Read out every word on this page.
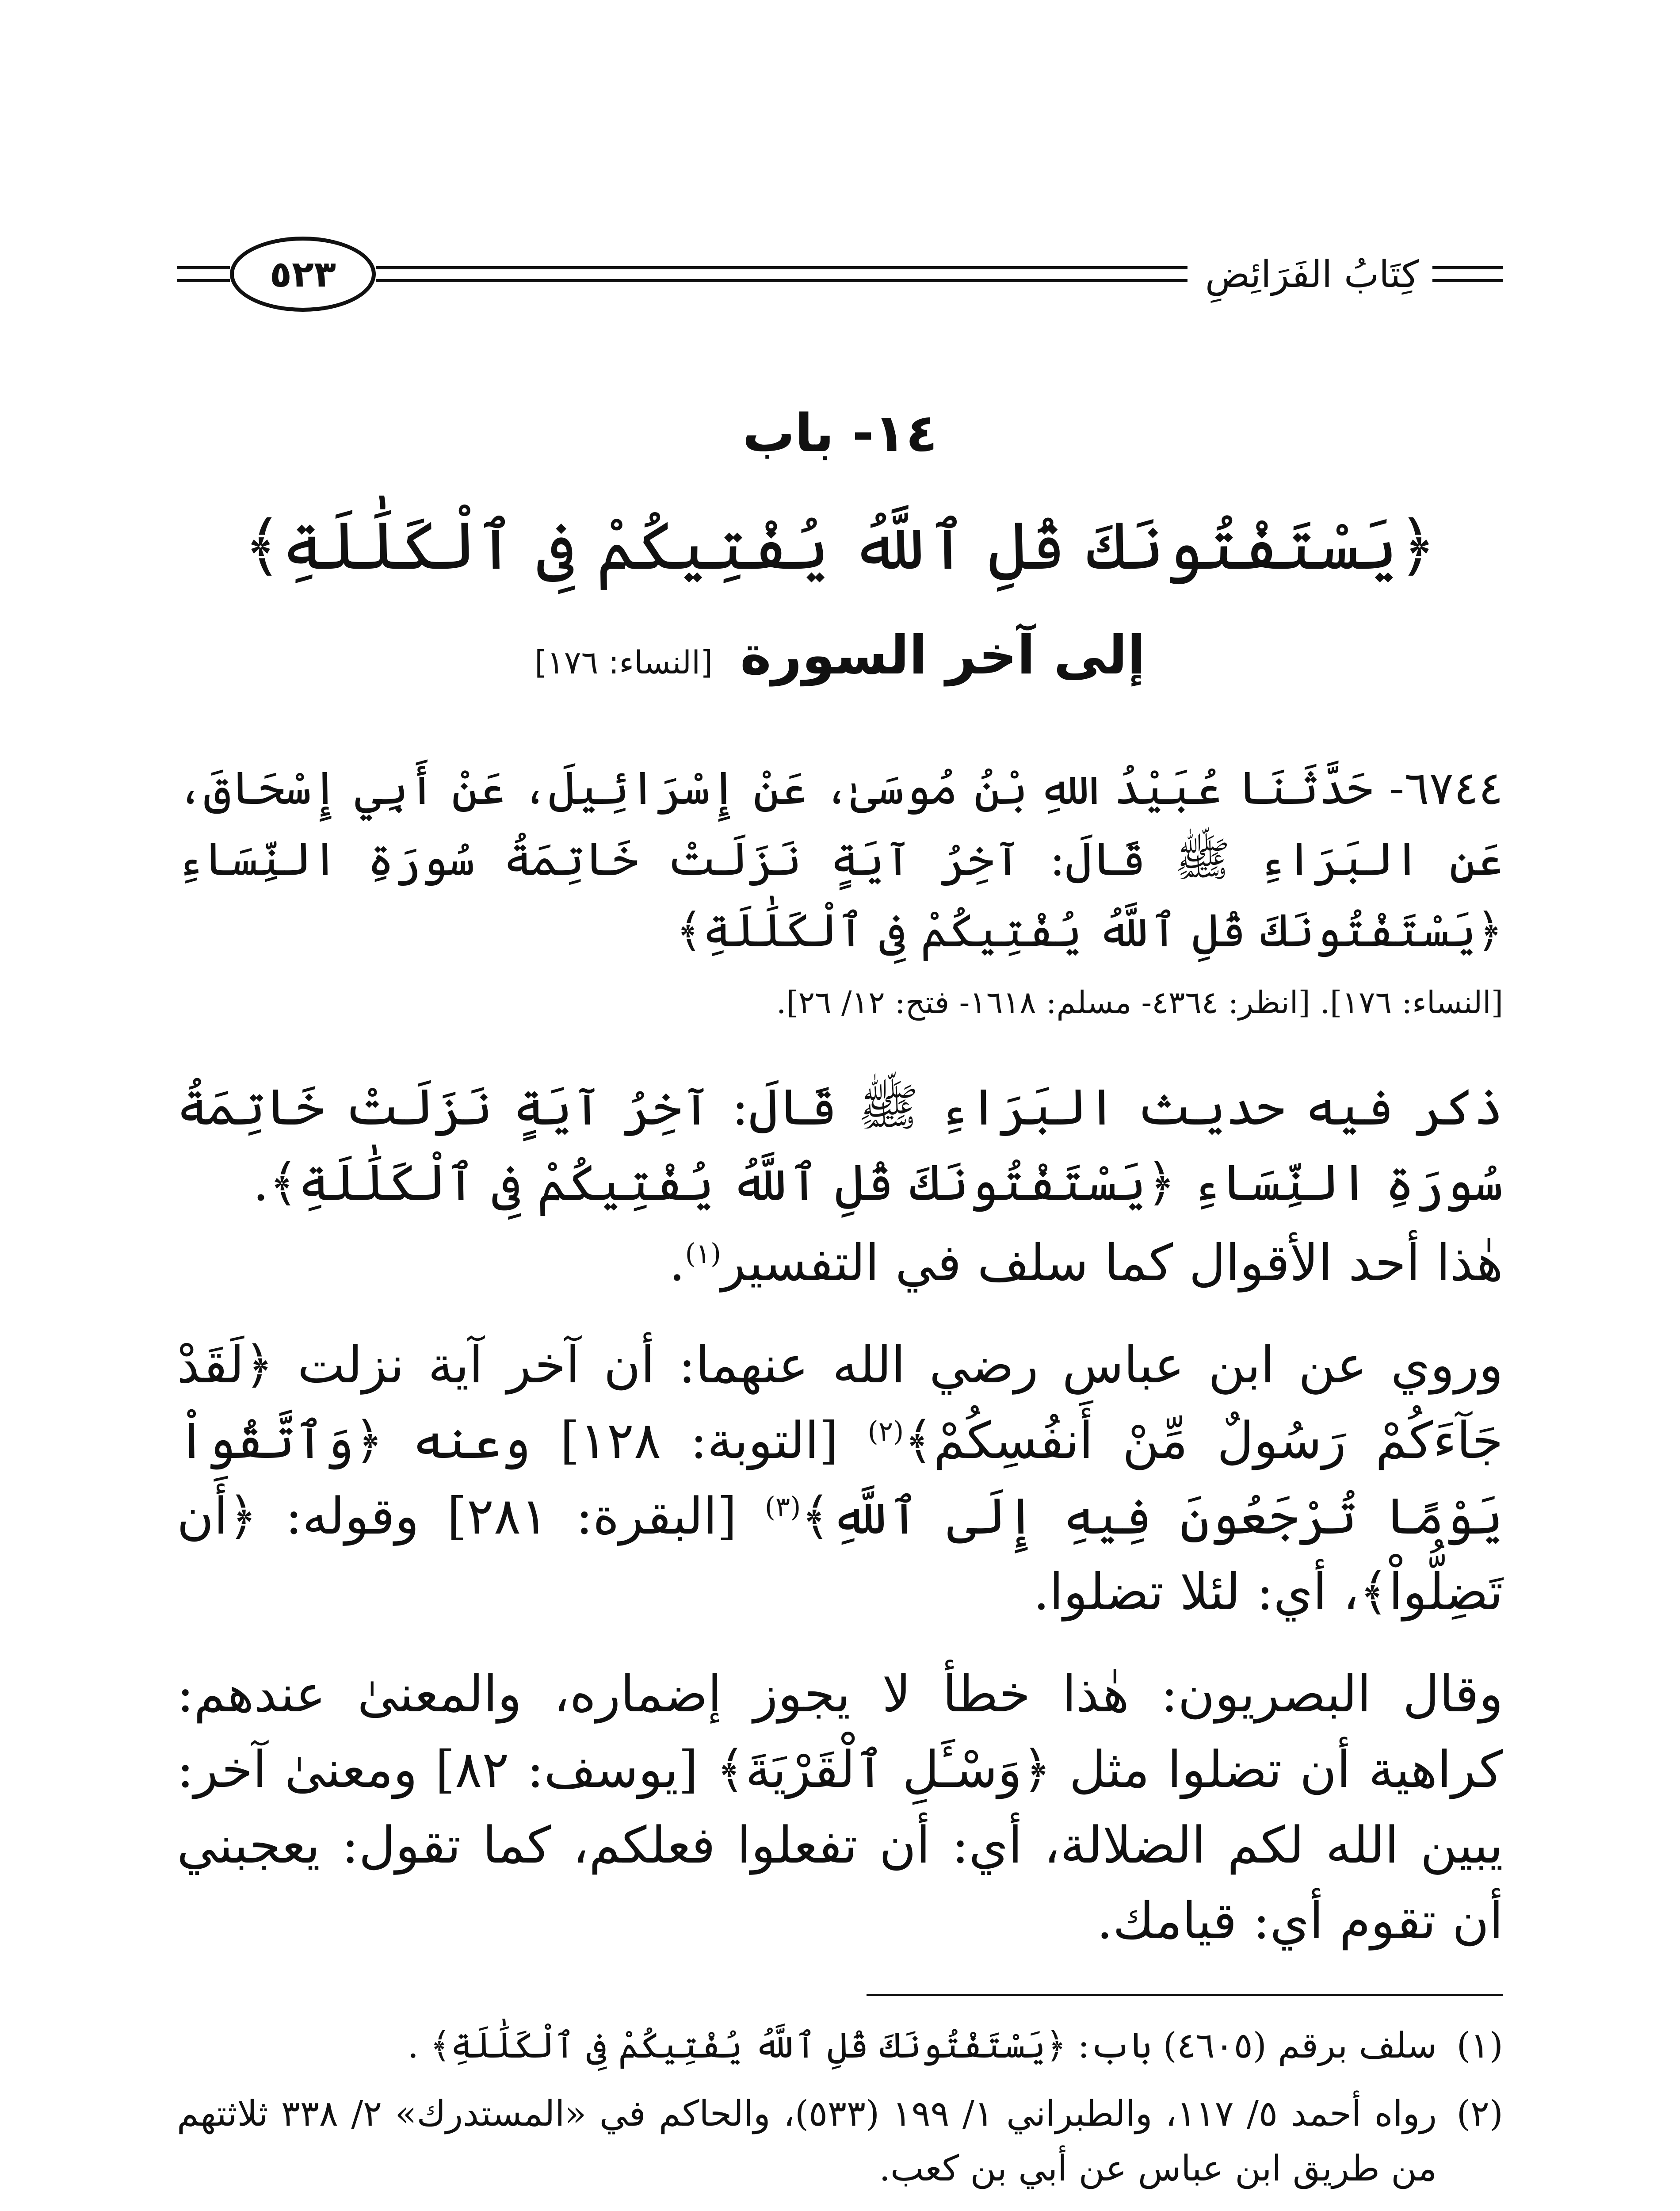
كِتَابُ الفَرَائِضِ
٥٢٣
١٤- باب
﴿يَسْتَفْتُونَكَ قُلِ ٱللَّهُ يُفْتِيكُمْ فِى ٱلْكَلَٰلَةِ﴾
إلى آخر السورة [النساء: ١٧٦]
٦٧٤٤- حَدَّثَنَا عُبَيْدُ اللهِ بْنُ مُوسَىٰ، عَنْ إِسْرَائِيلَ، عَنْ أَبِي إِسْحَاقَ، عَنِ البَرَاءِ ﷺ قَالَ: آخِرُ آيَةٍ نَزَلَتْ خَاتِمَةُ سُورَةِ النِّسَاءِ ﴿يَسْتَفْتُونَكَ قُلِ ٱللَّهُ يُفْتِيكُمْ فِى ٱلْكَلَٰلَةِ﴾
[النساء: ١٧٦]. [انظر: ٤٣٦٤- مسلم: ١٦١٨- فتح: ١٢/ ٢٦].
ذكر فيه حديث البَرَاءِ ﷺ قَالَ: آخِرُ آيَةٍ نَزَلَتْ خَاتِمَةُ سُورَةِ النِّسَاءِ ﴿يَسْتَفْتُونَكَ قُلِ ٱللَّهُ يُفْتِيكُمْ فِى ٱلْكَلَٰلَةِ﴾.
هٰذا أحد الأقوال كما سلف في التفسير$^{(١)}$.
وروي عن ابن عباس رضي الله عنهما: أن آخر آية نزلت ﴿لَقَدْ جَآءَكُمْ رَسُولٌ مِّنْ أَنفُسِكُمْ﴾$^{(٢)}$ [التوبة: ١٢٨] وعنه ﴿وَٱتَّقُواْ يَوْمًا تُرْجَعُونَ فِيهِ إِلَى ٱللَّهِ﴾$^{(٣)}$ [البقرة: ٢٨١] وقوله: ﴿أَن تَضِلُّواْ﴾، أي: لئلا تضلوا.
وقال البصريون: هٰذا خطأ لا يجوز إضماره، والمعنىٰ عندهم: كراهية أن تضلوا مثل ﴿وَسْـَٔلِ ٱلْقَرْيَةَ﴾ [يوسف: ٨٢] ومعنىٰ آخر: يبين الله لكم الضلالة، أي: أن تفعلوا فعلكم، كما تقول: يعجبني أن تقوم أي: قيامك.
(١)
سلف برقم (٤٦٠٥) باب: ﴿يَسْتَفْتُونَكَ قُلِ ٱللَّهُ يُفْتِيكُمْ فِى ٱلْكَلَٰلَةِ﴾ .
(٢)
رواه أحمد ٥/ ١١٧، والطبراني ١/ ١٩٩ (٥٣٣)، والحاكم في «المستدرك» ٢/ ٣٣٨ ثلاثتهم من طريق ابن عباس عن أبي بن كعب.
